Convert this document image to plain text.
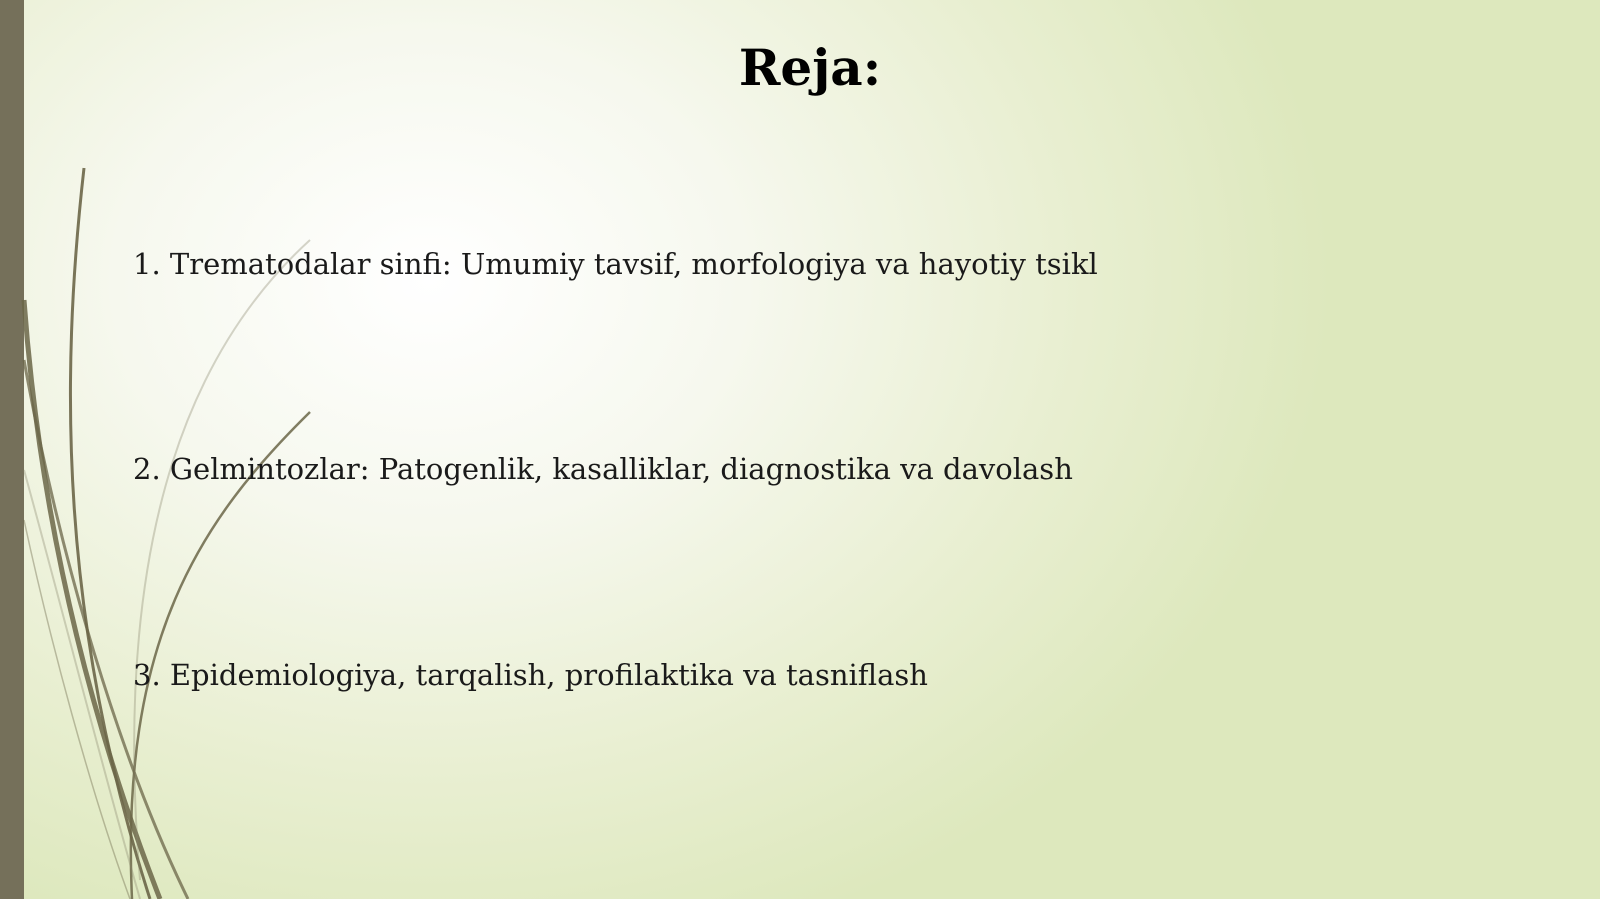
Reja:
1. Trematodalar sinfi: Umumiy tavsif, morfologiya va hayotiy tsikl
2. Gelmintozlar: Patogenlik, kasalliklar, diagnostika va davolash
3. Epidemiologiya, tarqalish, profilaktika va tasniflash
